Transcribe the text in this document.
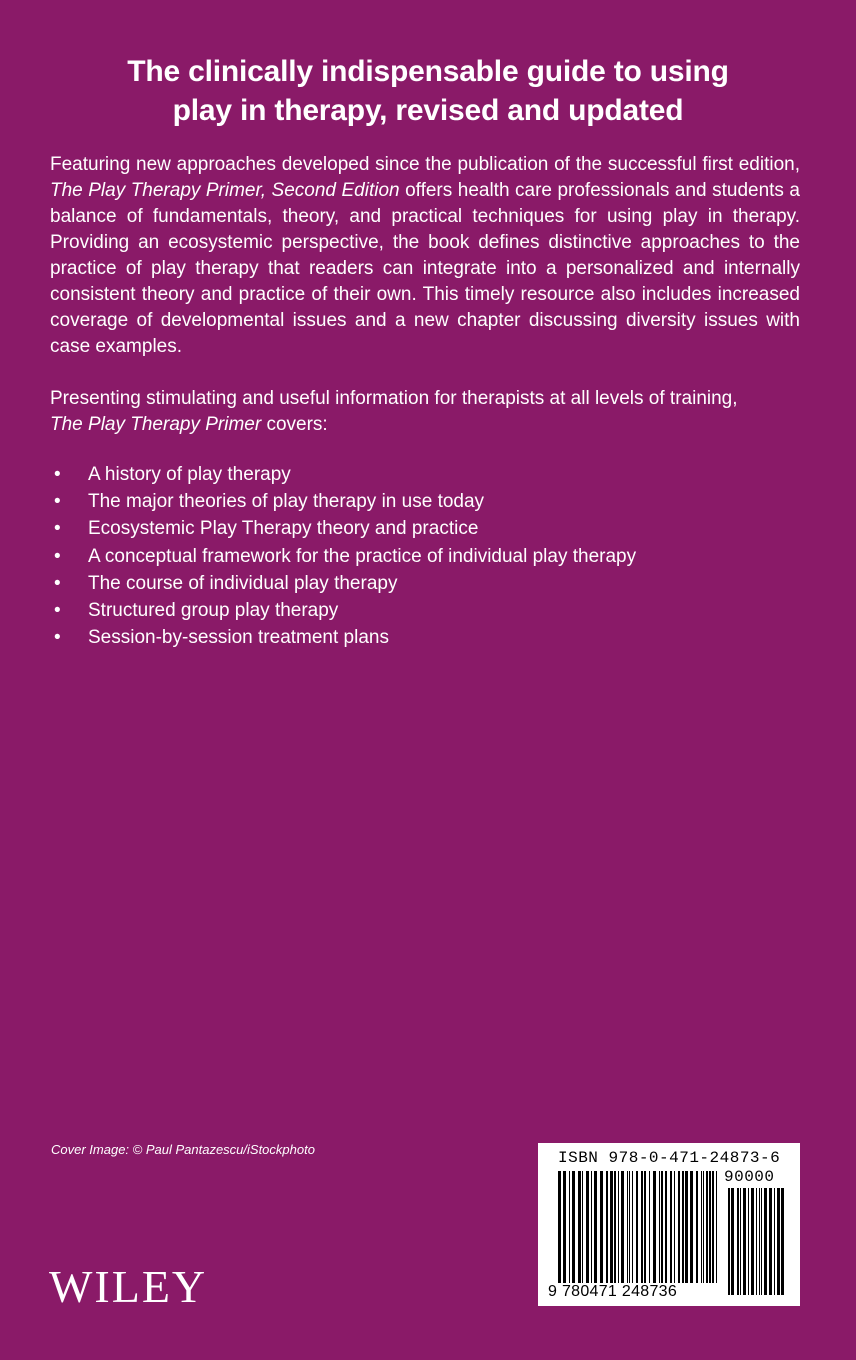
The clinically indispensable guide to using
play in therapy, revised and updated
Featuring new approaches developed since the publication of the successful first edition, The Play Therapy Primer, Second Edition offers health care professionals and students a balance of fundamentals, theory, and practical techniques for using play in therapy. Providing an ecosystemic perspective, the book defines distinctive approaches to the practice of play therapy that readers can integrate into a personalized and internally consistent theory and practice of their own. This timely resource also includes increased coverage of developmental issues and a new chapter discussing diversity issues with case examples.
Presenting stimulating and useful information for therapists at all levels of training,
The Play Therapy Primer covers:
• A history of play therapy
• The major theories of play therapy in use today
• Ecosystemic Play Therapy theory and practice
• A conceptual framework for the practice of individual play therapy
• The course of individual play therapy
• Structured group play therapy
• Session-by-session treatment plans
Cover Image: © Paul Pantazescu/iStockphoto
WILEY
ISBN 978-0-471-24873-6
90000
9 780471 248736
